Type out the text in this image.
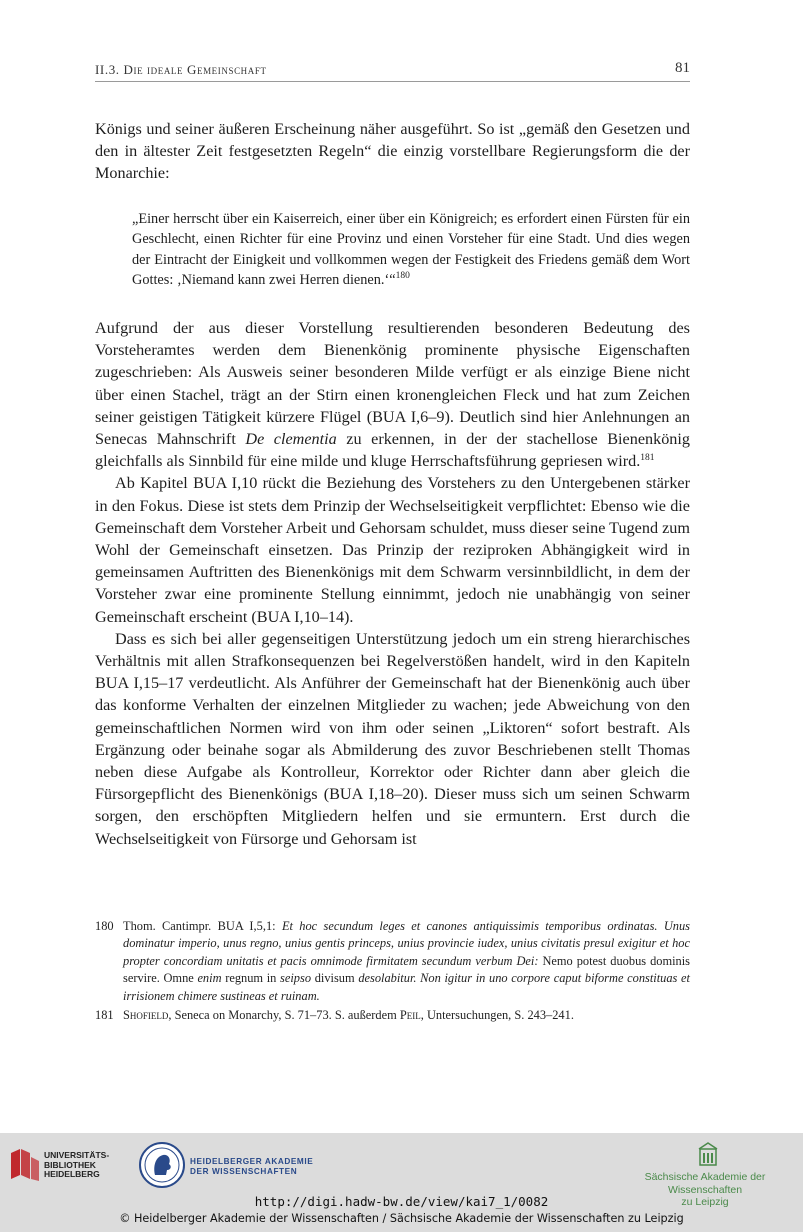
II.3. Die ideale Gemeinschaft	81

Königs und seiner äußeren Erscheinung näher ausgeführt. So ist „gemäß den Gesetzen und den in ältester Zeit festgesetzten Regeln“ die einzig vorstellbare Regierungsform die der Monarchie:

„Einer herrscht über ein Kaiserreich, einer über ein Königreich; es erfordert einen Fürsten für ein Geschlecht, einen Richter für eine Provinz und einen Vorsteher für eine Stadt. Und dies wegen der Eintracht der Einigkeit und vollkommen wegen der Festigkeit des Friedens gemäß dem Wort Gottes: ‚Niemand kann zwei Herren dienen.‘“$^{180}$

Aufgrund der aus dieser Vorstellung resultierenden besonderen Bedeutung des Vorsteheramtes werden dem Bienenkönig prominente physische Eigenschaften zugeschrieben: Als Ausweis seiner besonderen Milde verfügt er als einzige Biene nicht über einen Stachel, trägt an der Stirn einen kronengleichen Fleck und hat zum Zeichen seiner geistigen Tätigkeit kürzere Flügel (BUA I,6–9). Deutlich sind hier Anlehnungen an Senecas Mahnschrift De clementia zu erkennen, in der der stachellose Bienenkönig gleichfalls als Sinnbild für eine milde und kluge Herrschaftsführung gepriesen wird.$^{181}$

Ab Kapitel BUA I,10 rückt die Beziehung des Vorstehers zu den Untergebenen stärker in den Fokus. Diese ist stets dem Prinzip der Wechselseitigkeit verpflichtet: Ebenso wie die Gemeinschaft dem Vorsteher Arbeit und Gehorsam schuldet, muss dieser seine Tugend zum Wohl der Gemeinschaft einsetzen. Das Prinzip der reziproken Abhängigkeit wird in gemeinsamen Auftritten des Bienenkönigs mit dem Schwarm versinnbildlicht, in dem der Vorsteher zwar eine prominente Stellung einnimmt, jedoch nie unabhängig von seiner Gemeinschaft erscheint (BUA I,10–14).

Dass es sich bei aller gegenseitigen Unterstützung jedoch um ein streng hierarchisches Verhältnis mit allen Strafkonsequenzen bei Regelverstößen handelt, wird in den Kapiteln BUA I,15–17 verdeutlicht. Als Anführer der Gemeinschaft hat der Bienenkönig auch über das konforme Verhalten der einzelnen Mitglieder zu wachen; jede Abweichung von den gemeinschaftlichen Normen wird von ihm oder seinen „Liktoren“ sofort bestraft. Als Ergänzung oder beinahe sogar als Abmilderung des zuvor Beschriebenen stellt Thomas neben diese Aufgabe als Kontrolleur, Korrektor oder Richter dann aber gleich die Fürsorgepflicht des Bienenkönigs (BUA I,18–20). Dieser muss sich um seinen Schwarm sorgen, den erschöpften Mitgliedern helfen und sie ermuntern. Erst durch die Wechselseitigkeit von Fürsorge und Gehorsam ist

180 Thom. Cantimpr. BUA I,5,1: Et hoc secundum leges et canones antiquissimis temporibus ordinatas. Unus dominatur imperio, unus regno, unius gentis princeps, unius provincie iudex, unius civitatis presul exigitur et hoc propter concordiam unitatis et pacis omnimode firmitatem secundum verbum Dei: Nemo potest duobus dominis servire. Omne enim regnum in seipso divisum desolabitur. Non igitur in uno corpore caput biforme constituas et irrisionem chimere sustineas et ruinam.
181 Shofield, Seneca on Monarchy, S. 71–73. S. außerdem Peil, Untersuchungen, S. 243–241.
UNIVERSITÄTS-
BIBLIOTHEK
HEIDELBERG
HEIDELBERGER AKADEMIE
DER WISSENSCHAFTEN	Sächsische Akademie der Wissenschaften
zu Leipzig
http://digi.hadw-bw.de/view/kai7_1/0082
© Heidelberger Akademie der Wissenschaften / Sächsische Akademie der Wissenschaften zu Leipzig
